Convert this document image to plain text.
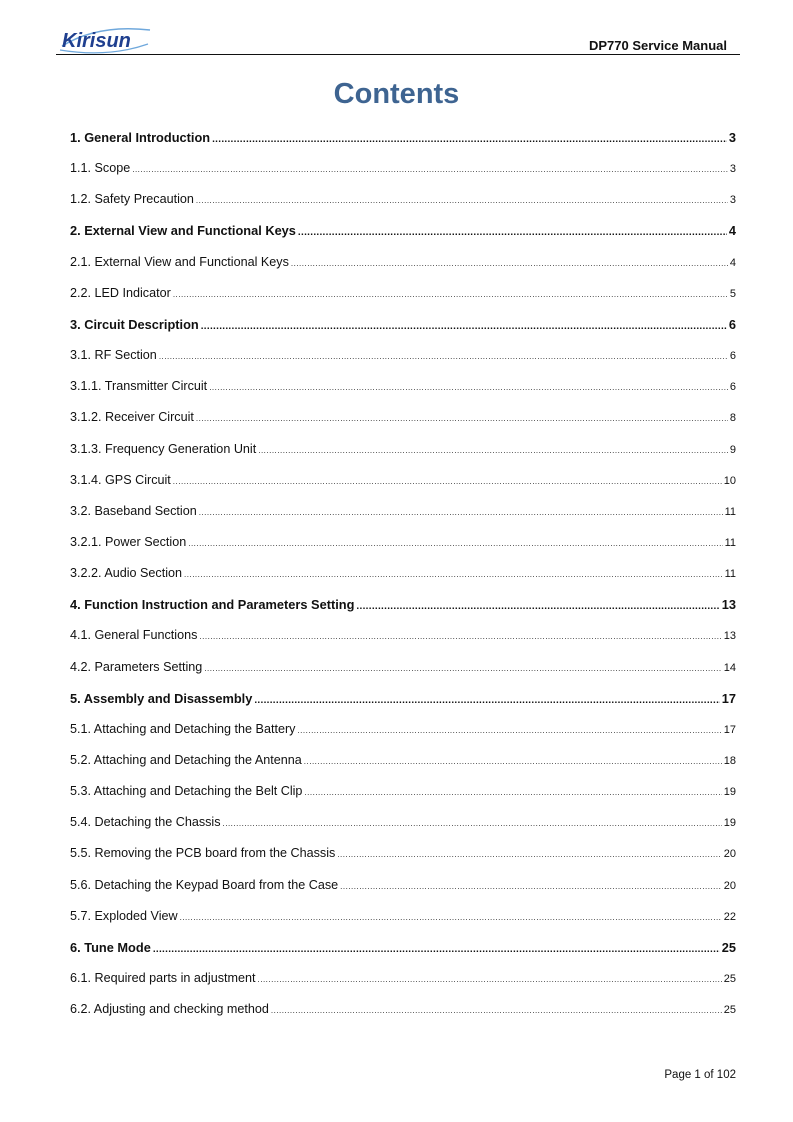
Kirisun	DP770 Service Manual
Contents
1. General Introduction .....	3
1.1. Scope .....	3
1.2. Safety Precaution .....	3
2. External View and Functional Keys .....	4
2.1. External View and Functional Keys .....	4
2.2. LED Indicator .....	5
3. Circuit Description .....	6
3.1. RF Section .....	6
3.1.1. Transmitter Circuit .....	6
3.1.2. Receiver Circuit .....	8
3.1.3. Frequency Generation Unit .....	9
3.1.4. GPS Circuit .....	10
3.2. Baseband Section .....	11
3.2.1. Power Section .....	11
3.2.2. Audio Section .....	11
4. Function Instruction and Parameters Setting .....	13
4.1. General Functions .....	13
4.2. Parameters Setting .....	14
5. Assembly and Disassembly .....	17
5.1. Attaching and Detaching the Battery .....	17
5.2. Attaching and Detaching the Antenna .....	18
5.3. Attaching and Detaching the Belt Clip .....	19
5.4. Detaching the Chassis .....	19
5.5. Removing the PCB board from the Chassis .....	20
5.6. Detaching the Keypad Board from the Case .....	20
5.7. Exploded View .....	22
6. Tune Mode .....	25
6.1. Required parts in adjustment .....	25
6.2. Adjusting and checking method .....	25
Page 1 of 102
